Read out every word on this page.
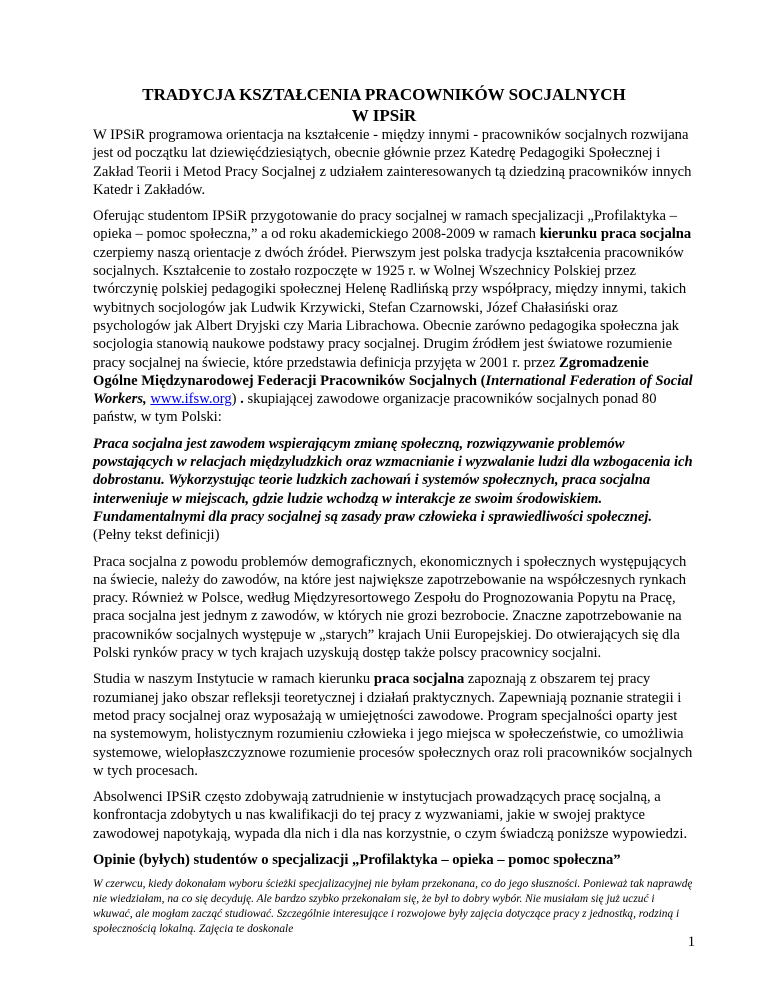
TRADYCJA KSZTAŁCENIA PRACOWNIKÓW SOCJALNYCH
W IPSiR

W IPSiR programowa orientacja na kształcenie - między innymi - pracowników socjalnych rozwijana jest od początku lat dziewięćdziesiątych, obecnie głównie przez Katedrę Pedagogiki Społecznej i Zakład Teorii i Metod Pracy Socjalnej z udziałem zainteresowanych tą dziedziną pracowników innych Katedr i Zakładów.

Oferując studentom IPSiR przygotowanie do pracy socjalnej w ramach specjalizacji „Profilaktyka – opieka – pomoc społeczna,” a od roku akademickiego 2008-2009 w ramach kierunku praca socjalna czerpiemy naszą orientacje z dwóch źródeł. Pierwszym jest polska tradycja kształcenia pracowników socjalnych. Kształcenie to zostało rozpoczęte w 1925 r. w Wolnej Wszechnicy Polskiej przez twórczynię polskiej pedagogiki społecznej Helenę Radlińską przy współpracy, między innymi, takich wybitnych socjologów jak Ludwik Krzywicki, Stefan Czarnowski, Józef Chałasiński oraz psychologów jak Albert Dryjski czy Maria Librachowa. Obecnie zarówno pedagogika społeczna jak socjologia stanowią naukowe podstawy pracy socjalnej. Drugim źródłem jest światowe rozumienie pracy socjalnej na świecie, które przedstawia definicja przyjęta w 2001 r. przez Zgromadzenie Ogólne Międzynarodowej Federacji Pracowników Socjalnych (International Federation of Social Workers, www.ifsw.org) . skupiającej zawodowe organizacje pracowników socjalnych ponad 80 państw, w tym Polski:

Praca socjalna jest zawodem wspierającym zmianę społeczną, rozwiązywanie problemów powstających w relacjach międzyludzkich oraz wzmacnianie i wyzwalanie ludzi dla wzbogacenia ich dobrostanu. Wykorzystując teorie ludzkich zachowań i systemów społecznych, praca socjalna interweniuje w miejscach, gdzie ludzie wchodzą w interakcje ze swoim środowiskiem. Fundamentalnymi dla pracy socjalnej są zasady praw człowieka i sprawiedliwości społecznej. (Pełny tekst definicji)

Praca socjalna z powodu problemów demograficznych, ekonomicznych i społecznych występujących na świecie, należy do zawodów, na które jest największe zapotrzebowanie na współczesnych rynkach pracy. Również w Polsce, według Międzyresortowego Zespołu do Prognozowania Popytu na Pracę, praca socjalna jest jednym z zawodów, w których nie grozi bezrobocie. Znaczne zapotrzebowanie na pracowników socjalnych występuje w „starych” krajach Unii Europejskiej. Do otwierających się dla Polski rynków pracy w tych krajach uzyskują dostęp także polscy pracownicy socjalni.

Studia w naszym Instytucie w ramach kierunku praca socjalna zapoznają z obszarem tej pracy rozumianej jako obszar refleksji teoretycznej i działań praktycznych. Zapewniają poznanie strategii i metod pracy socjalnej oraz wyposażają w umiejętności zawodowe. Program specjalności oparty jest na systemowym, holistycznym rozumieniu człowieka i jego miejsca w społeczeństwie, co umożliwia systemowe, wielopłaszczyznowe rozumienie procesów społecznych oraz roli pracowników socjalnych w tych procesach.

Absolwenci IPSiR często zdobywają zatrudnienie w instytucjach prowadzących pracę socjalną, a konfrontacja zdobytych u nas kwalifikacji do tej pracy z wyzwaniami, jakie w swojej praktyce zawodowej napotykają, wypada dla nich i dla nas korzystnie, o czym świadczą poniższe wypowiedzi.

Opinie (byłych) studentów o specjalizacji „Profilaktyka – opieka – pomoc społeczna”

W czerwcu, kiedy dokonałam wyboru ścieżki specjalizacyjnej nie byłam przekonana, co do jego słuszności. Ponieważ tak naprawdę nie wiedziałam, na co się decyduję. Ale bardzo szybko przekonałam się, że był to dobry wybór. Nie musiałam się już uczuć i wkuwać, ale mogłam zacząć studiować. Szczególnie interesujące i rozwojowe były zajęcia dotyczące pracy z jednostką, rodziną i społecznością lokalną. Zajęcia te doskonale

1
